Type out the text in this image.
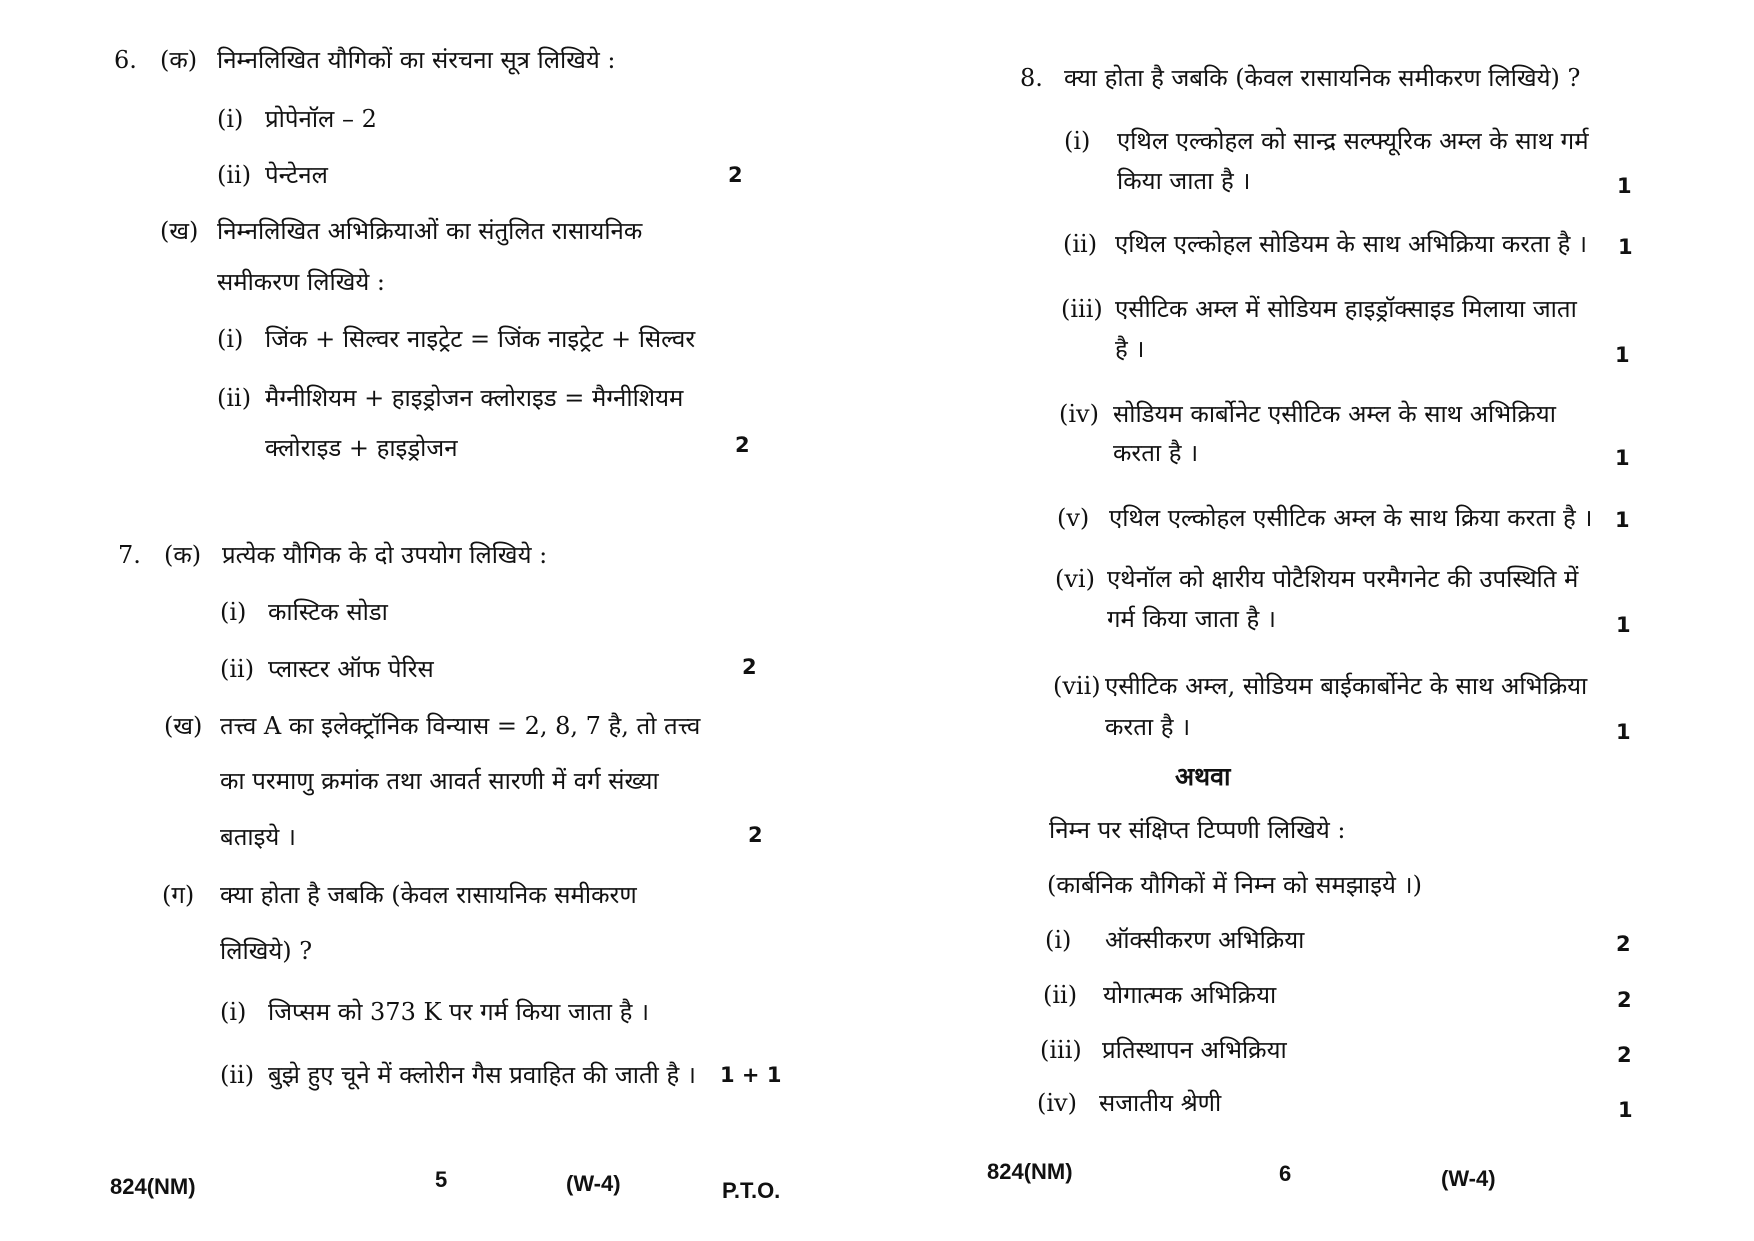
6. (क) निम्नलिखित यौगिकों का संरचना सूत्र लिखिये :
(i) प्रोपेनॉल – 2
(ii) पेन्टेनल	2
(ख) निम्नलिखित अभिक्रियाओं का संतुलित रासायनिक
समीकरण लिखिये :
(i) जिंक + सिल्वर नाइट्रेट = जिंक नाइट्रेट + सिल्वर
(ii) मैग्नीशियम + हाइड्रोजन क्लोराइड = मैग्नीशियम
क्लोराइड + हाइड्रोजन	2
7. (क) प्रत्येक यौगिक के दो उपयोग लिखिये :
(i) कास्टिक सोडा
(ii) प्लास्टर ऑफ पेरिस	2
(ख) तत्त्व A का इलेक्ट्रॉनिक विन्यास = 2, 8, 7 है, तो तत्त्व
का परमाणु क्रमांक तथा आवर्त सारणी में वर्ग संख्या
बताइये ।	2
(ग) क्या होता है जबकि (केवल रासायनिक समीकरण
लिखिये) ?
(i) जिप्सम को 373 K पर गर्म किया जाता है ।
(ii) बुझे हुए चूने में क्लोरीन गैस प्रवाहित की जाती है । 1 + 1
824(NM)	5	(W-4)	P.T.O.
8. क्या होता है जबकि (केवल रासायनिक समीकरण लिखिये) ?
(i) एथिल एल्कोहल को सान्द्र सल्फ्यूरिक अम्ल के साथ गर्म
किया जाता है ।	1
(ii) एथिल एल्कोहल सोडियम के साथ अभिक्रिया करता है । 1
(iii) एसीटिक अम्ल में सोडियम हाइड्रॉक्साइड मिलाया जाता
है ।	1
(iv) सोडियम कार्बोनेट एसीटिक अम्ल के साथ अभिक्रिया
करता है ।	1
(v) एथिल एल्कोहल एसीटिक अम्ल के साथ क्रिया करता है । 1
(vi) एथेनॉल को क्षारीय पोटैशियम परमैगनेट की उपस्थिति में
गर्म किया जाता है ।	1
(vii) एसीटिक अम्ल, सोडियम बाईकार्बोनेट के साथ अभिक्रिया
करता है ।	1
अथवा
निम्न पर संक्षिप्त टिप्पणी लिखिये :
(कार्बनिक यौगिकों में निम्न को समझाइये ।)
(i) ऑक्सीकरण अभिक्रिया	2
(ii) योगात्मक अभिक्रिया	2
(iii) प्रतिस्थापन अभिक्रिया	2
(iv) सजातीय श्रेणी	1
824(NM)	6	(W-4)
